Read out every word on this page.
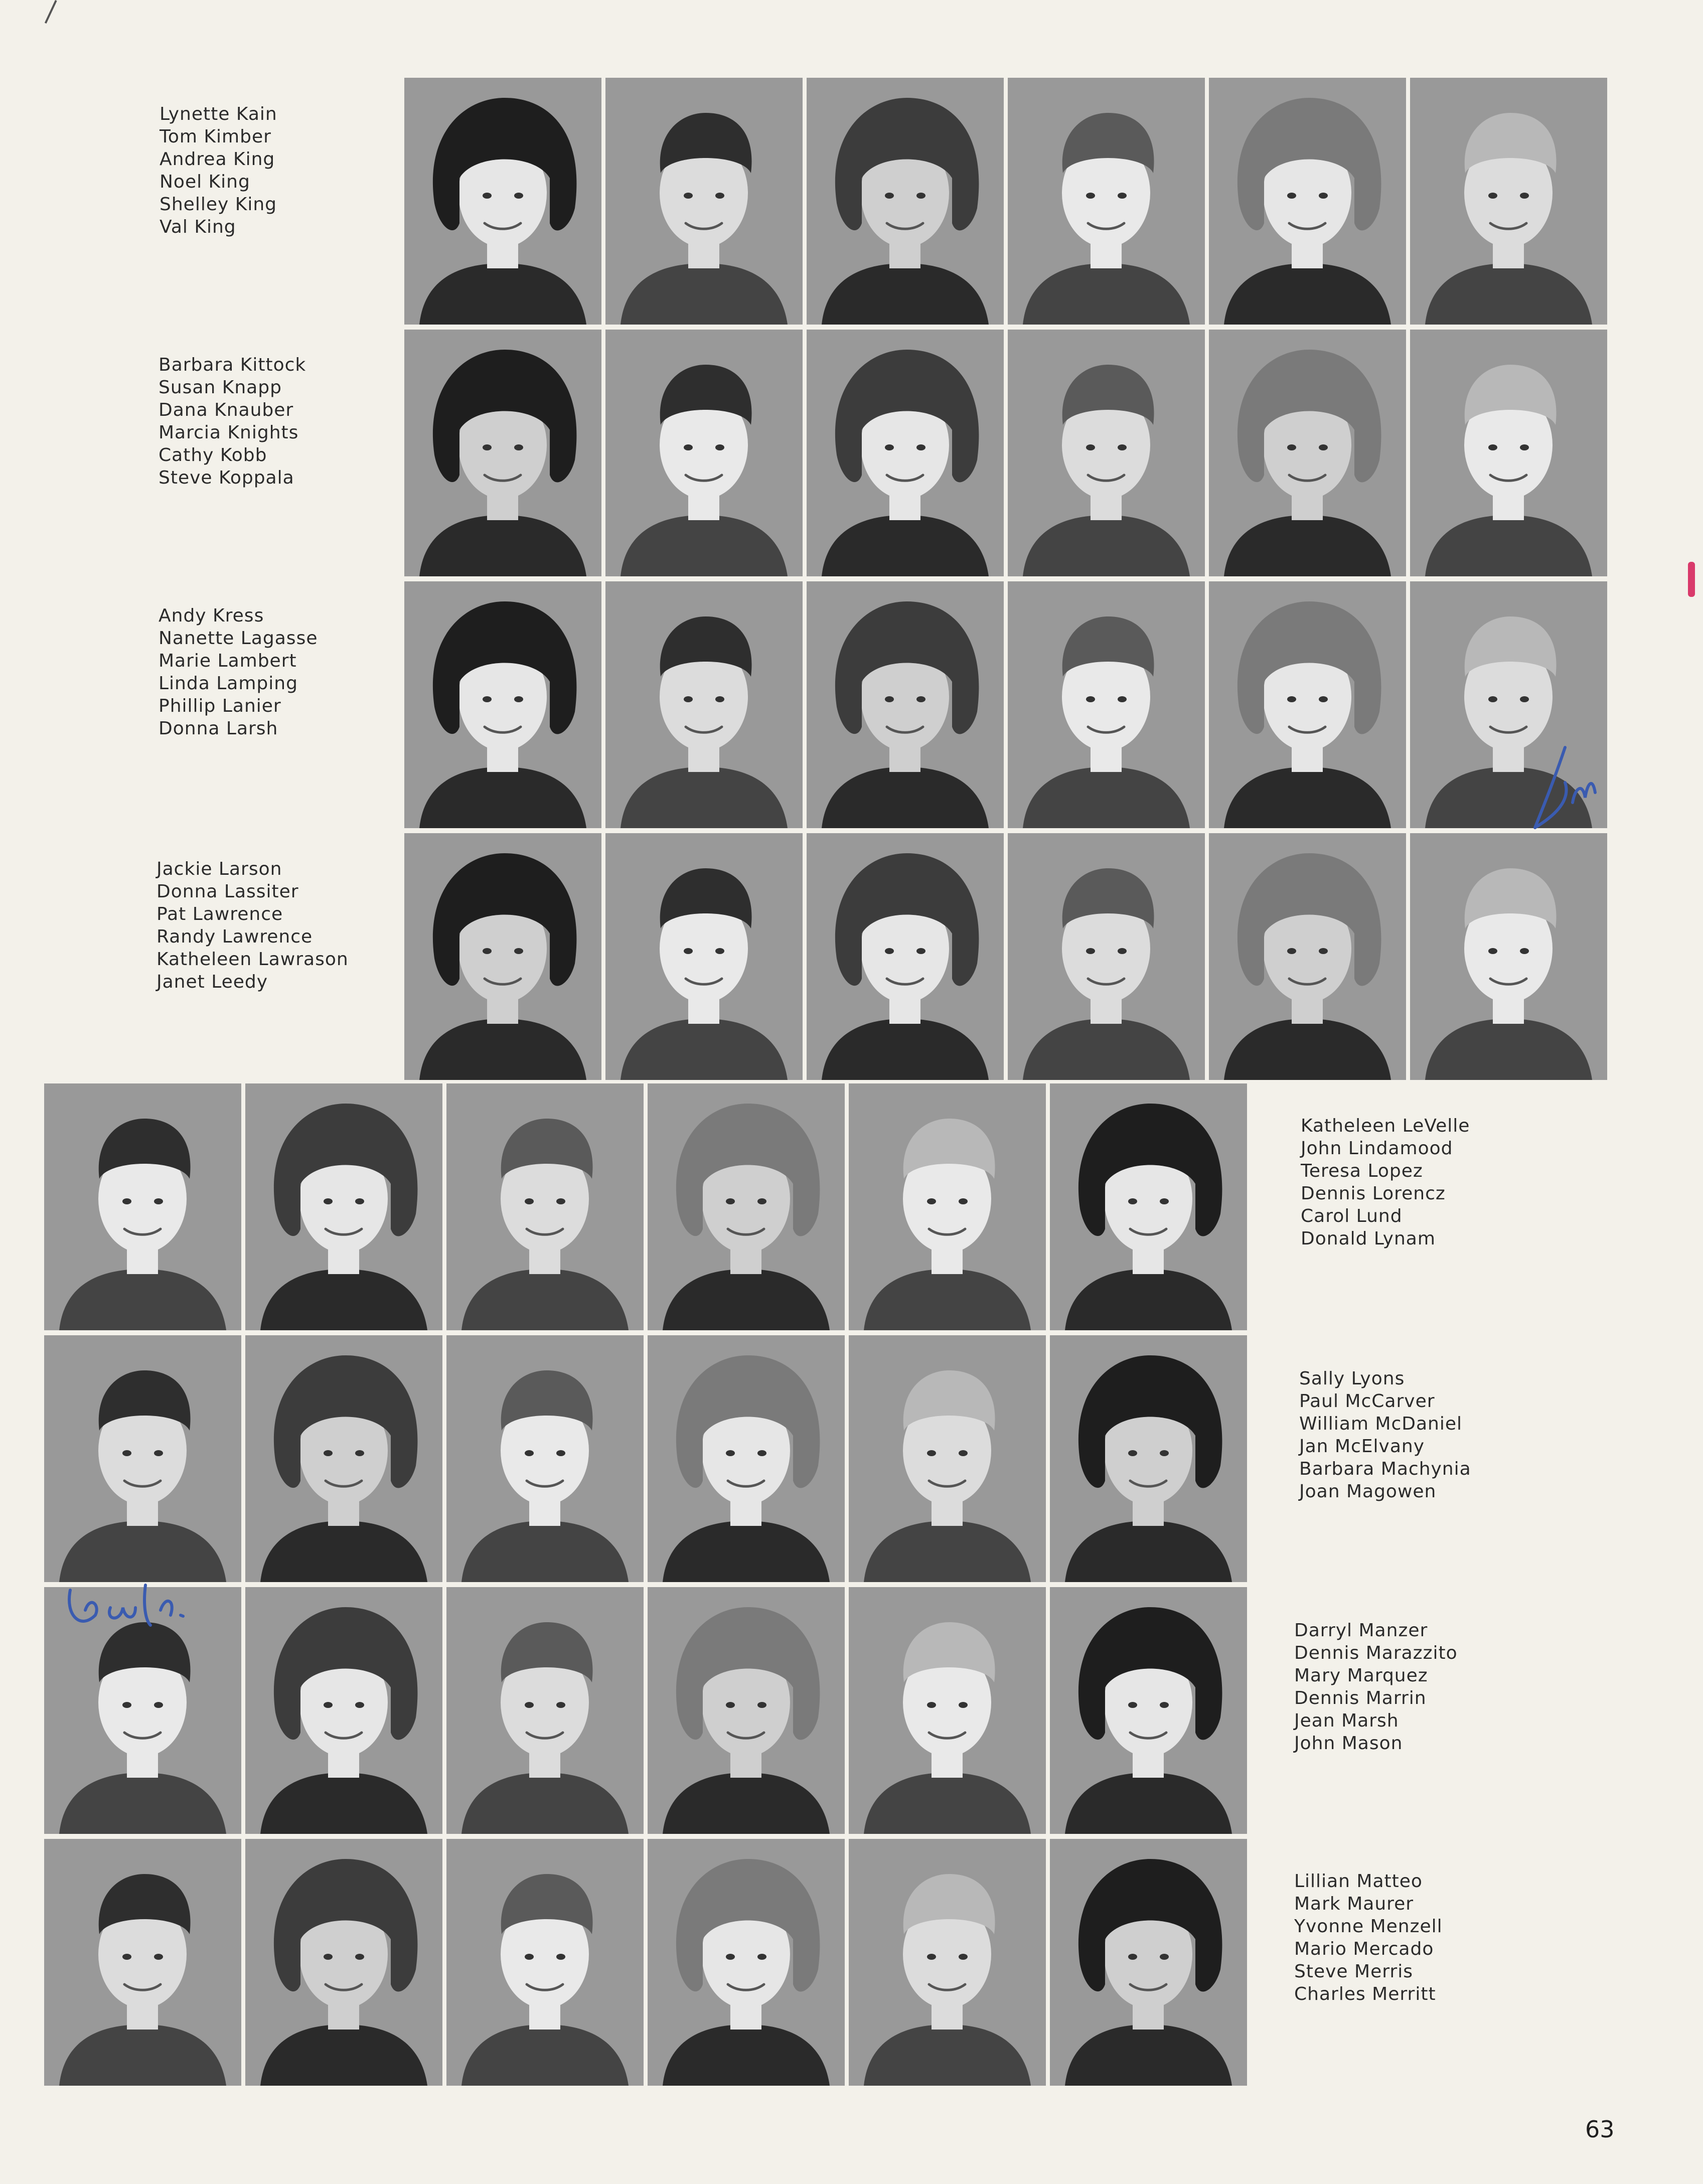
Lynette Kain
Tom Kimber
Andrea King
Noel King
Shelley King
Val King
Barbara Kittock
Susan Knapp
Dana Knauber
Marcia Knights
Cathy Kobb
Steve Koppala
Andy Kress
Nanette Lagasse
Marie Lambert
Linda Lamping
Phillip Lanier
Donna Larsh
Jackie Larson
Donna Lassiter
Pat Lawrence
Randy Lawrence
Katheleen Lawrason
Janet Leedy
Katheleen LeVelle
John Lindamood
Teresa Lopez
Dennis Lorencz
Carol Lund
Donald Lynam
Sally Lyons
Paul McCarver
William McDaniel
Jan McElvany
Barbara Machynia
Joan Magowen
Darryl Manzer
Dennis Marazzito
Mary Marquez
Dennis Marrin
Jean Marsh
John Mason
Lillian Matteo
Mark Maurer
Yvonne Menzell
Mario Mercado
Steve Merris
Charles Merritt
63
